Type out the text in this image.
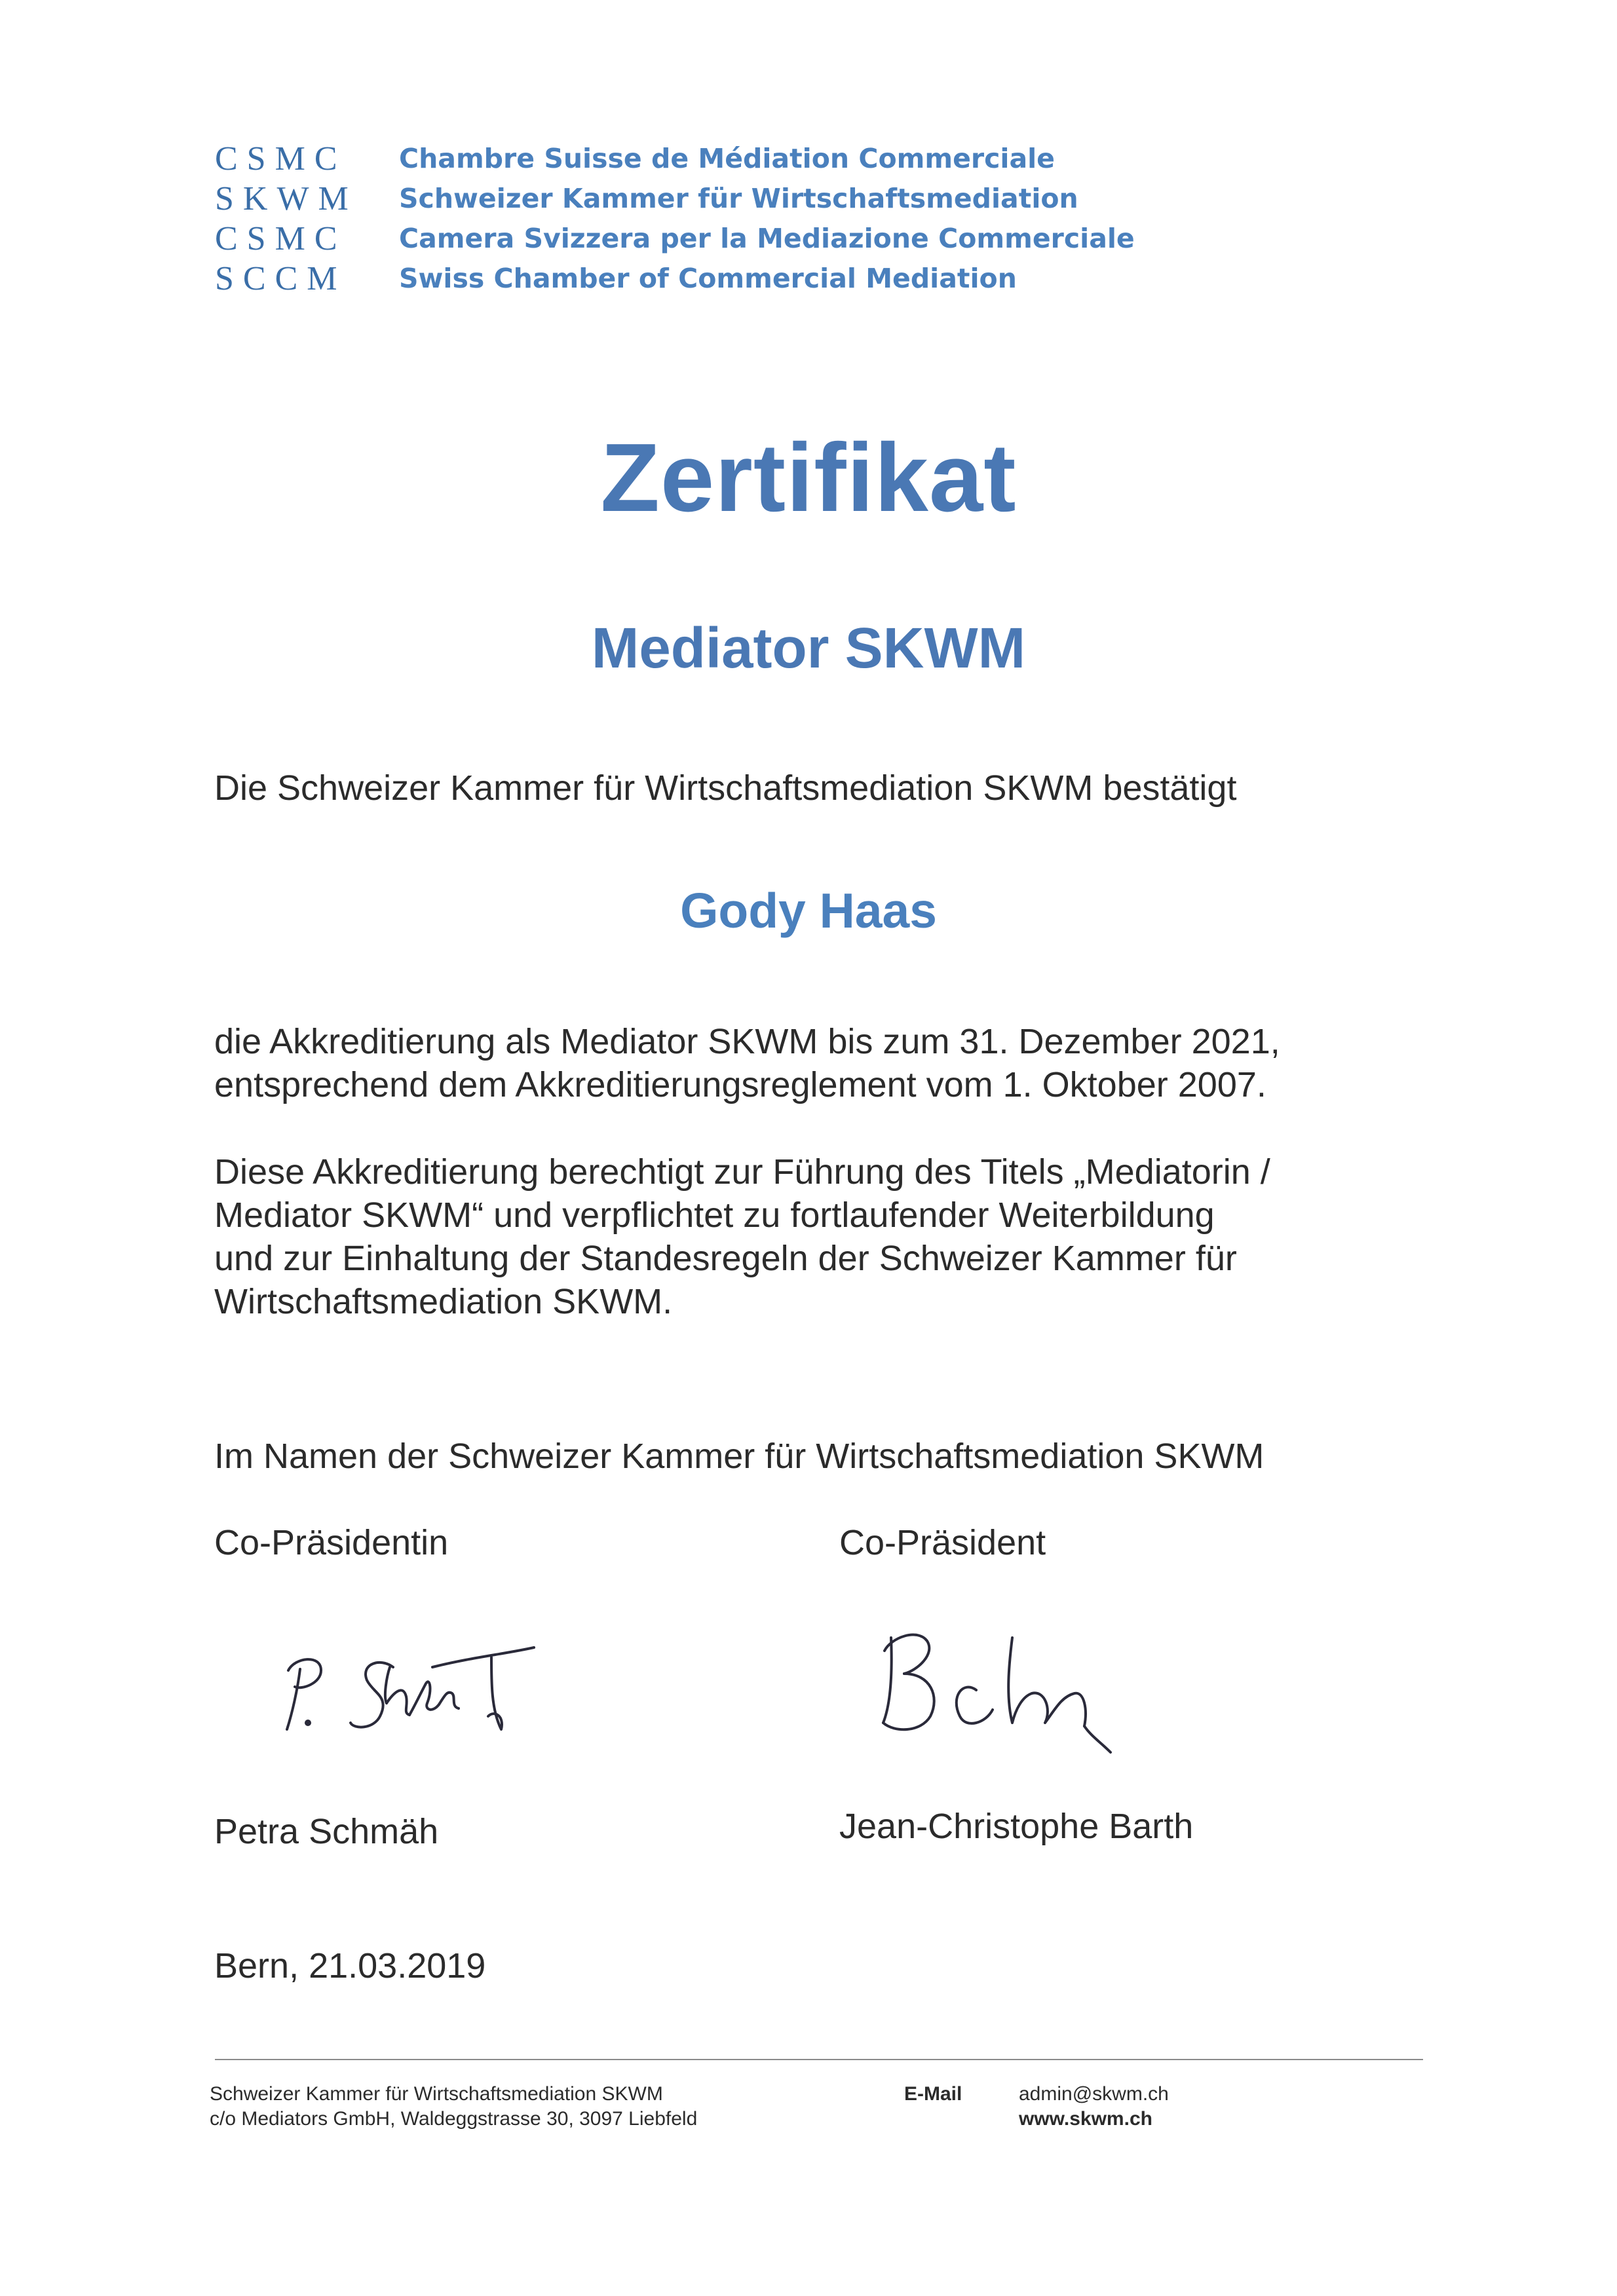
CSMC Chambre Suisse de Médiation Commerciale
SKWM Schweizer Kammer für Wirtschaftsmediation
CSMC Camera Svizzera per la Mediazione Commerciale
SCCM Swiss Chamber of Commercial Mediation
Zertifikat
Mediator SKWM
Die Schweizer Kammer für Wirtschaftsmediation SKWM bestätigt
Gody Haas

die Akkreditierung als Mediator SKWM bis zum 31. Dezember 2021,

entsprechend dem Akkreditierungsreglement vom 1. Oktober 2007.

Diese Akkreditierung berechtigt zur Führung des Titels „Mediatorin /

Mediator SKWM“ und verpflichtet zu fortlaufender Weiterbildung

und zur Einhaltung der Standesregeln der Schweizer Kammer für

Wirtschaftsmediation SKWM.

Im Namen der Schweizer Kammer für Wirtschaftsmediation SKWM
Co-Präsidentin	Co-Präsident
Petra Schmäh	Jean-Christophe Barth
Bern, 21.03.2019
Schweizer Kammer für Wirtschaftsmediation SKWM
c/o Mediators GmbH, Waldeggstrasse 30, 3097 Liebfeld
E-Mail	admin@skwm.ch
www.skwm.ch
